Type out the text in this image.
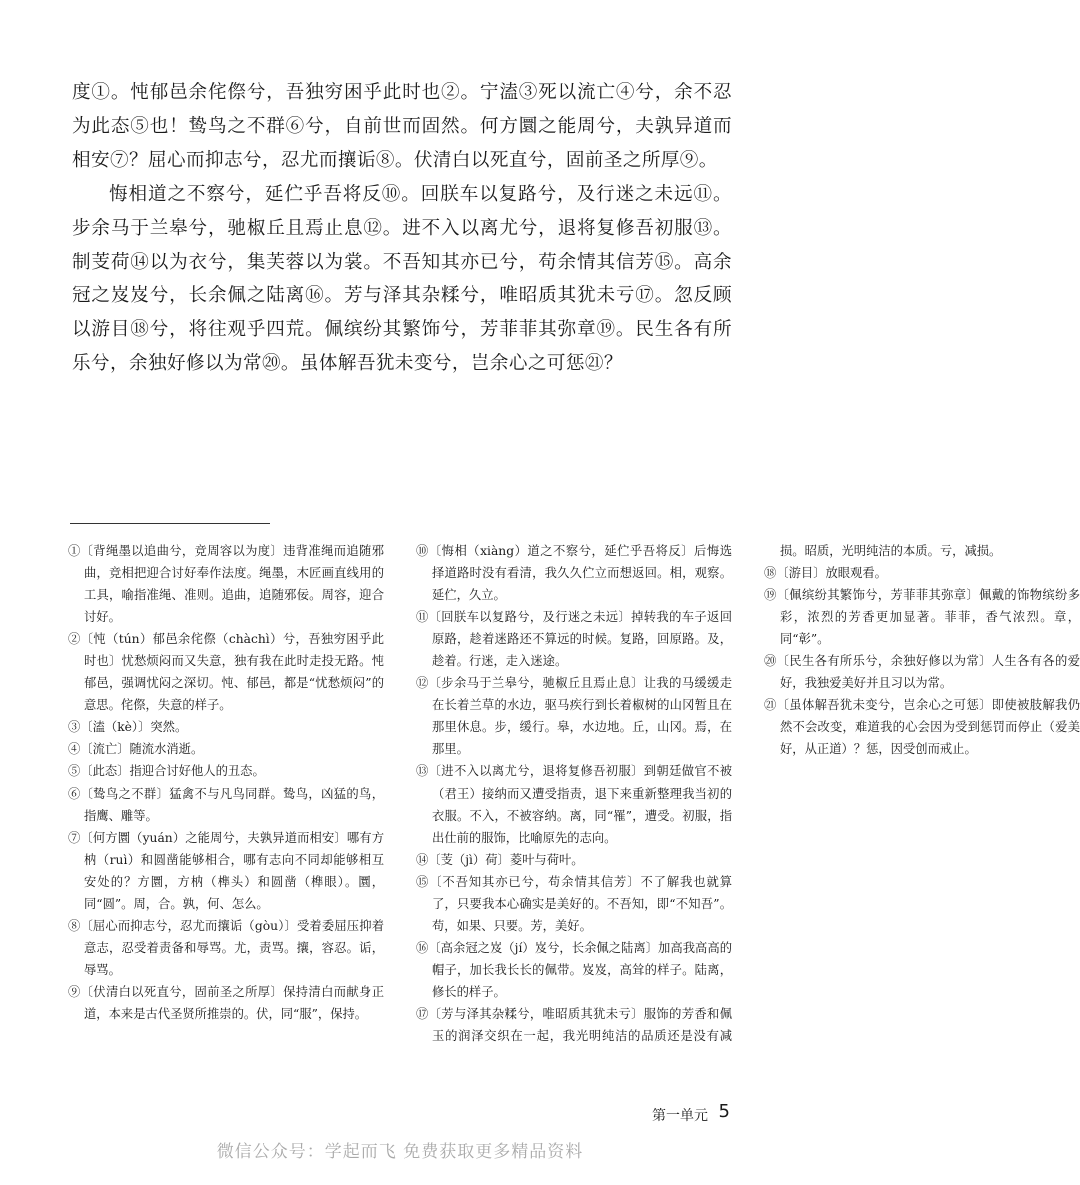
度①。忳郁邑余侘傺兮，吾独穷困乎此时也②。宁溘③死以流亡④兮，余不忍为此态⑤也！鸷鸟之不群⑥兮，自前世而固然。何方圜之能周兮，夫孰异道而相安⑦？屈心而抑志兮，忍尤而攘诟⑧。伏清白以死直兮，固前圣之所厚⑨。

悔相道之不察兮，延伫乎吾将反⑩。回朕车以复路兮，及行迷之未远⑪。步余马于兰皋兮，驰椒丘且焉止息⑫。进不入以离尤兮，退将复修吾初服⑬。制芰荷⑭以为衣兮，集芙蓉以为裳。不吾知其亦已兮，苟余情其信芳⑮。高余冠之岌岌兮，长余佩之陆离⑯。芳与泽其杂糅兮，唯昭质其犹未亏⑰。忽反顾以游目⑱兮，将往观乎四荒。佩缤纷其繁饰兮，芳菲菲其弥章⑲。民生各有所乐兮，余独好修以为常⑳。虽体解吾犹未变兮，岂余心之可惩㉑？

①〔背绳墨以追曲兮，竞周容以为度〕违背准绳而追随邪曲，竞相把迎合讨好奉作法度。绳墨，木匠画直线用的工具，喻指准绳、准则。追曲，追随邪佞。周容，迎合讨好。

②〔忳（tún）郁邑余侘傺（chàchì）兮，吾独穷困乎此时也〕忧愁烦闷而又失意，独有我在此时走投无路。忳郁邑，强调忧闷之深切。忳、郁邑，都是“忧愁烦闷”的意思。侘傺，失意的样子。

③〔溘（kè）〕突然。

④〔流亡〕随流水消逝。

⑤〔此态〕指迎合讨好他人的丑态。

⑥〔鸷鸟之不群〕猛禽不与凡鸟同群。鸷鸟，凶猛的鸟，指鹰、雕等。

⑦〔何方圜（yuán）之能周兮，夫孰异道而相安〕哪有方枘（ruì）和圆凿能够相合，哪有志向不同却能够相互安处的？方圜，方枘（榫头）和圆凿（榫眼）。圜，同“圆”。周，合。孰，何、怎么。

⑧〔屈心而抑志兮，忍尤而攘诟（gòu）〕受着委屈压抑着意志，忍受着责备和辱骂。尤，责骂。攘，容忍。诟，辱骂。

⑨〔伏清白以死直兮，固前圣之所厚〕保持清白而献身正道，本来是古代圣贤所推崇的。伏，同“服”，保持。

⑩〔悔相（xiàng）道之不察兮，延伫乎吾将反〕后悔选择道路时没有看清，我久久伫立而想返回。相，观察。延伫，久立。

⑪〔回朕车以复路兮，及行迷之未远〕掉转我的车子返回原路，趁着迷路还不算远的时候。复路，回原路。及，趁着。行迷，走入迷途。

⑫〔步余马于兰皋兮，驰椒丘且焉止息〕让我的马缓缓走在长着兰草的水边，驱马疾行到长着椒树的山冈暂且在那里休息。步，缓行。皋，水边地。丘，山冈。焉，在那里。

⑬〔进不入以离尤兮，退将复修吾初服〕到朝廷做官不被（君王）接纳而又遭受指责，退下来重新整理我当初的衣服。不入，不被容纳。离，同“罹”，遭受。初服，指出仕前的服饰，比喻原先的志向。

⑭〔芰（jì）荷〕菱叶与荷叶。

⑮〔不吾知其亦已兮，苟余情其信芳〕不了解我也就算了，只要我本心确实是美好的。不吾知，即“不知吾”。苟，如果、只要。芳，美好。

⑯〔高余冠之岌（jí）岌兮，长余佩之陆离〕加高我高高的帽子，加长我长长的佩带。岌岌，高耸的样子。陆离，修长的样子。

⑰〔芳与泽其杂糅兮，唯昭质其犹未亏〕服饰的芳香和佩玉的润泽交织在一起，我光明纯洁的品质还是没有减损。昭质，光明纯洁的本质。亏，减损。

⑱〔游目〕放眼观看。

⑲〔佩缤纷其繁饰兮，芳菲菲其弥章〕佩戴的饰物缤纷多彩，浓烈的芳香更加显著。菲菲，香气浓烈。章，同“彰”。

⑳〔民生各有所乐兮，余独好修以为常〕人生各有各的爱好，我独爱美好并且习以为常。

㉑〔虽体解吾犹未变兮，岂余心之可惩〕即使被肢解我仍然不会改变，难道我的心会因为受到惩罚而停止（爱美好，从正道）？惩，因受创而戒止。

第一单元 5
微信公众号：学起而飞 免费获取更多精品资料
